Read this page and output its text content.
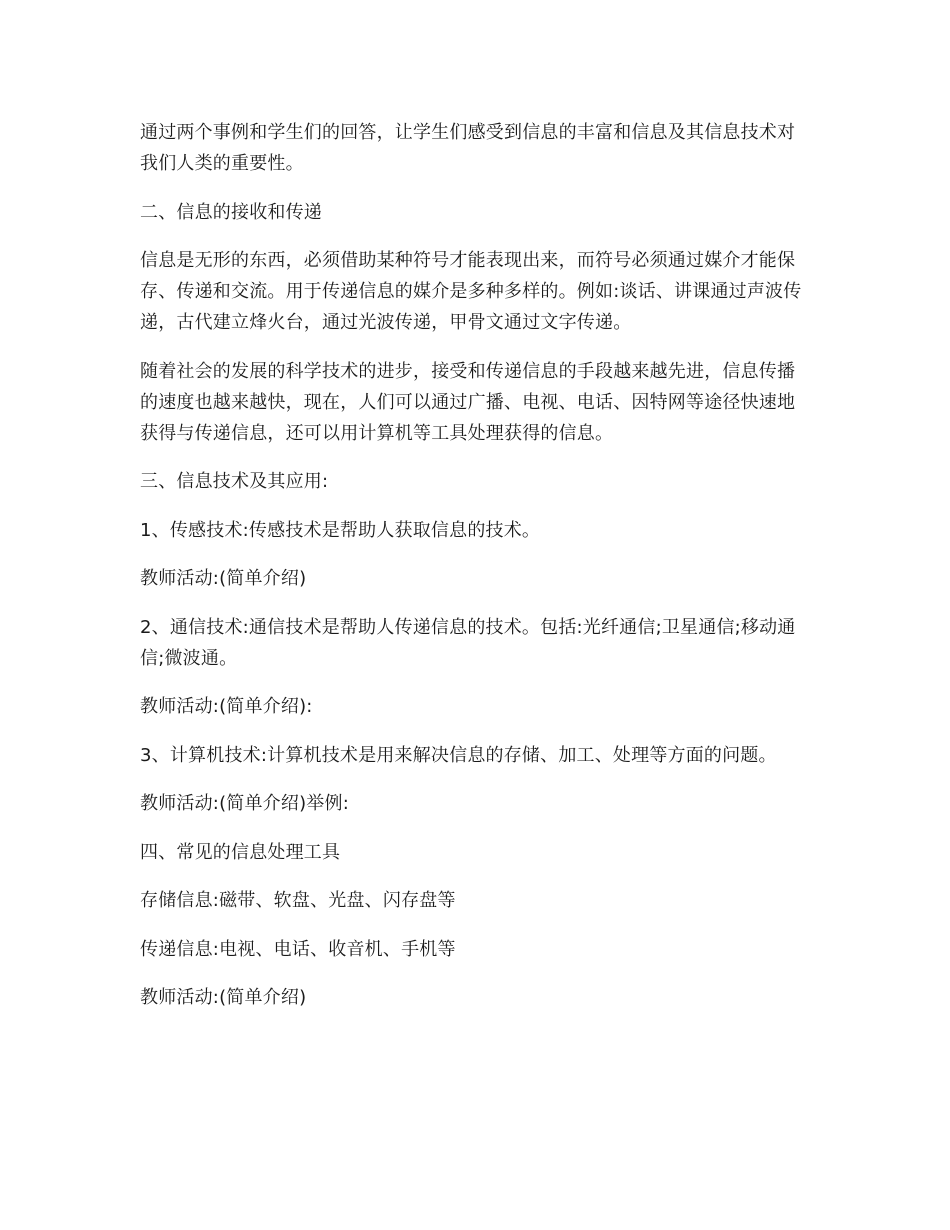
通过两个事例和学生们的回答，让学生们感受到信息的丰富和信息及其信息技术对我们人类的重要性。

二、信息的接收和传递

信息是无形的东西，必须借助某种符号才能表现出来，而符号必须通过媒介才能保存、传递和交流。用于传递信息的媒介是多种多样的。例如:谈话、讲课通过声波传递，古代建立烽火台，通过光波传递，甲骨文通过文字传递。

随着社会的发展的科学技术的进步，接受和传递信息的手段越来越先进，信息传播的速度也越来越快，现在，人们可以通过广播、电视、电话、因特网等途径快速地获得与传递信息，还可以用计算机等工具处理获得的信息。

三、信息技术及其应用:

1、传感技术:传感技术是帮助人获取信息的技术。

教师活动:(简单介绍)

2、通信技术:通信技术是帮助人传递信息的技术。包括:光纤通信;卫星通信;移动通信;微波通。

教师活动:(简单介绍):

3、计算机技术:计算机技术是用来解决信息的存储、加工、处理等方面的问题。

教师活动:(简单介绍)举例:

四、常见的信息处理工具

存储信息:磁带、软盘、光盘、闪存盘等

传递信息:电视、电话、收音机、手机等

教师活动:(简单介绍)
